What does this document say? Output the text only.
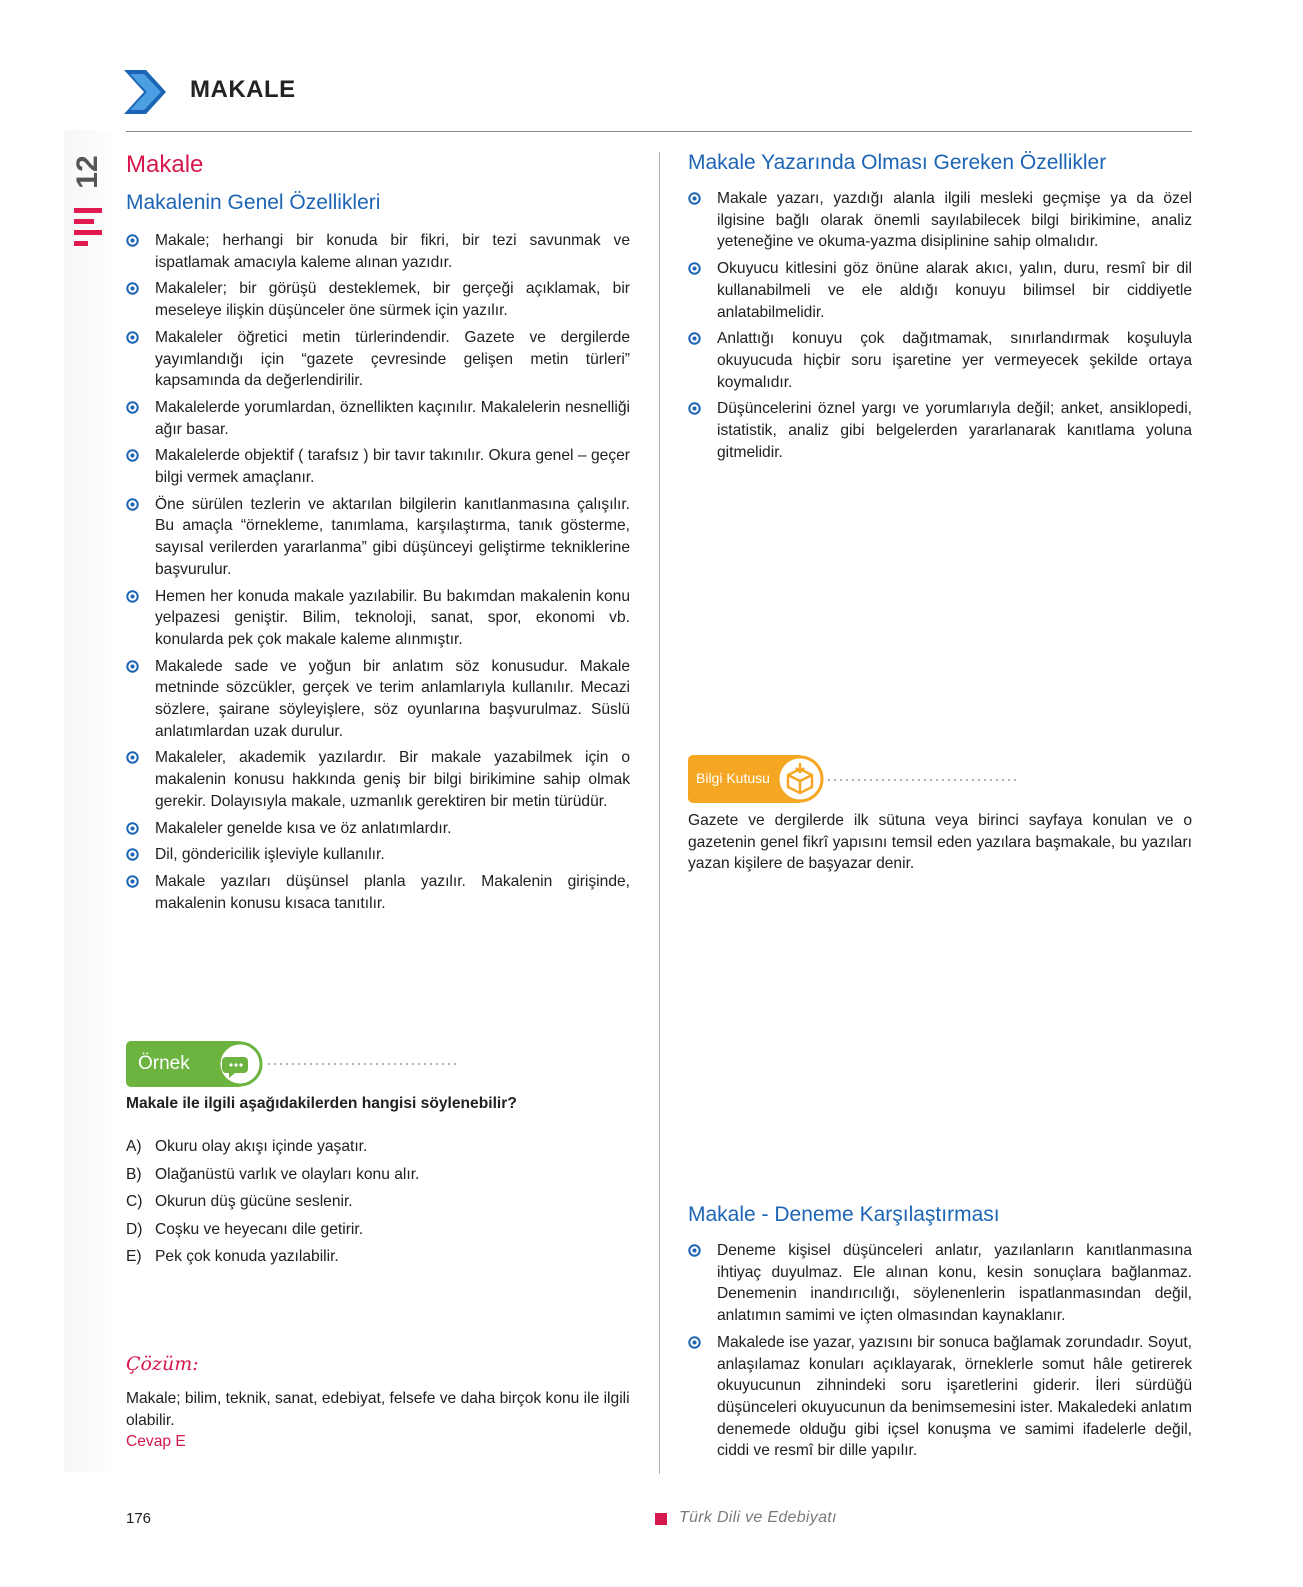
12
MAKALE
Makale
Makalenin Genel Özellikleri
Makale; herhangi bir konuda bir fikri, bir tezi savunmak ve ispatlamak amacıyla kaleme alınan yazıdır.
Makaleler; bir görüşü desteklemek, bir gerçeği açıklamak, bir meseleye ilişkin düşünceler öne sürmek için yazılır.
Makaleler öğretici metin türlerindendir. Gazete ve dergilerde yayımlandığı için “gazete çevresinde gelişen metin türleri” kapsamında da değerlendirilir.
Makalelerde yorumlardan, öznellikten kaçınılır. Makalelerin nesnelliği ağır basar.
Makalelerde objektif ( tarafsız ) bir tavır takınılır. Okura genel – geçer bilgi vermek amaçlanır.
Öne sürülen tezlerin ve aktarılan bilgilerin kanıtlanmasına çalışılır. Bu amaçla “örnekleme, tanımlama, karşılaştırma, tanık gösterme, sayısal verilerden yararlanma” gibi düşünceyi geliştirme tekniklerine başvurulur.
Hemen her konuda makale yazılabilir. Bu bakımdan makalenin konu yelpazesi geniştir. Bilim, teknoloji, sanat, spor, ekonomi vb. konularda pek çok makale kaleme alınmıştır.
Makalede sade ve yoğun bir anlatım söz konusudur. Makale metninde sözcükler, gerçek ve terim anlamlarıyla kullanılır. Mecazi sözlere, şairane söyleyişlere, söz oyunlarına başvurulmaz. Süslü anlatımlardan uzak durulur.
Makaleler, akademik yazılardır. Bir makale yazabilmek için o makalenin konusu hakkında geniş bir bilgi birikimine sahip olmak gerekir. Dolayısıyla makale, uzmanlık gerektiren bir metin türüdür.
Makaleler genelde kısa ve öz anlatımlardır.
Dil, göndericilik işleviyle kullanılır.
Makale yazıları düşünsel planla yazılır. Makalenin girişinde, makalenin konusu kısaca tanıtılır.
Örnek
Makale ile ilgili aşağıdakilerden hangisi söylenebilir?
A) Okuru olay akışı içinde yaşatır.
B) Olağanüstü varlık ve olayları konu alır.
C) Okurun düş gücüne seslenir.
D) Coşku ve heyecanı dile getirir.
E) Pek çok konuda yazılabilir.
Çözüm:
Makale; bilim, teknik, sanat, edebiyat, felsefe ve daha birçok konu ile ilgili olabilir.
Cevap E
Makale Yazarında Olması Gereken Özellikler
Makale yazarı, yazdığı alanla ilgili mesleki geçmişe ya da özel ilgisine bağlı olarak önemli sayılabilecek bilgi birikimine, analiz yeteneğine ve okuma-yazma disiplinine sahip olmalıdır.
Okuyucu kitlesini göz önüne alarak akıcı, yalın, duru, resmî bir dil kullanabilmeli ve ele aldığı konuyu bilimsel bir ciddiyetle anlatabilmelidir.
Anlattığı konuyu çok dağıtmamak, sınırlandırmak koşuluyla okuyucuda hiçbir soru işaretine yer vermeyecek şekilde ortaya koymalıdır.
Düşüncelerini öznel yargı ve yorumlarıyla değil; anket, ansiklopedi, istatistik, analiz gibi belgelerden yararlanarak kanıtlama yoluna gitmelidir.
Bilgi Kutusu
Gazete ve dergilerde ilk sütuna veya birinci sayfaya konulan ve o gazetenin genel fikrî yapısını temsil eden yazılara başmakale, bu yazıları yazan kişilere de başyazar denir.
Makale - Deneme Karşılaştırması
Deneme kişisel düşünceleri anlatır, yazılanların kanıtlanmasına ihtiyaç duyulmaz. Ele alınan konu, kesin sonuçlara bağlanmaz. Denemenin inandırıcılığı, söylenenlerin ispatlanmasından değil, anlatımın samimi ve içten olmasından kaynaklanır.
Makalede ise yazar, yazısını bir sonuca bağlamak zorundadır. Soyut, anlaşılamaz konuları açıklayarak, örneklerle somut hâle getirerek okuyucunun zihnindeki soru işaretlerini giderir. İleri sürdüğü düşünceleri okuyucunun da benimsemesini ister. Makaledeki anlatım denemede olduğu gibi içsel konuşma ve samimi ifadelerle değil, ciddi ve resmî bir dille yapılır.
176	Türk Dili ve Edebiyatı
